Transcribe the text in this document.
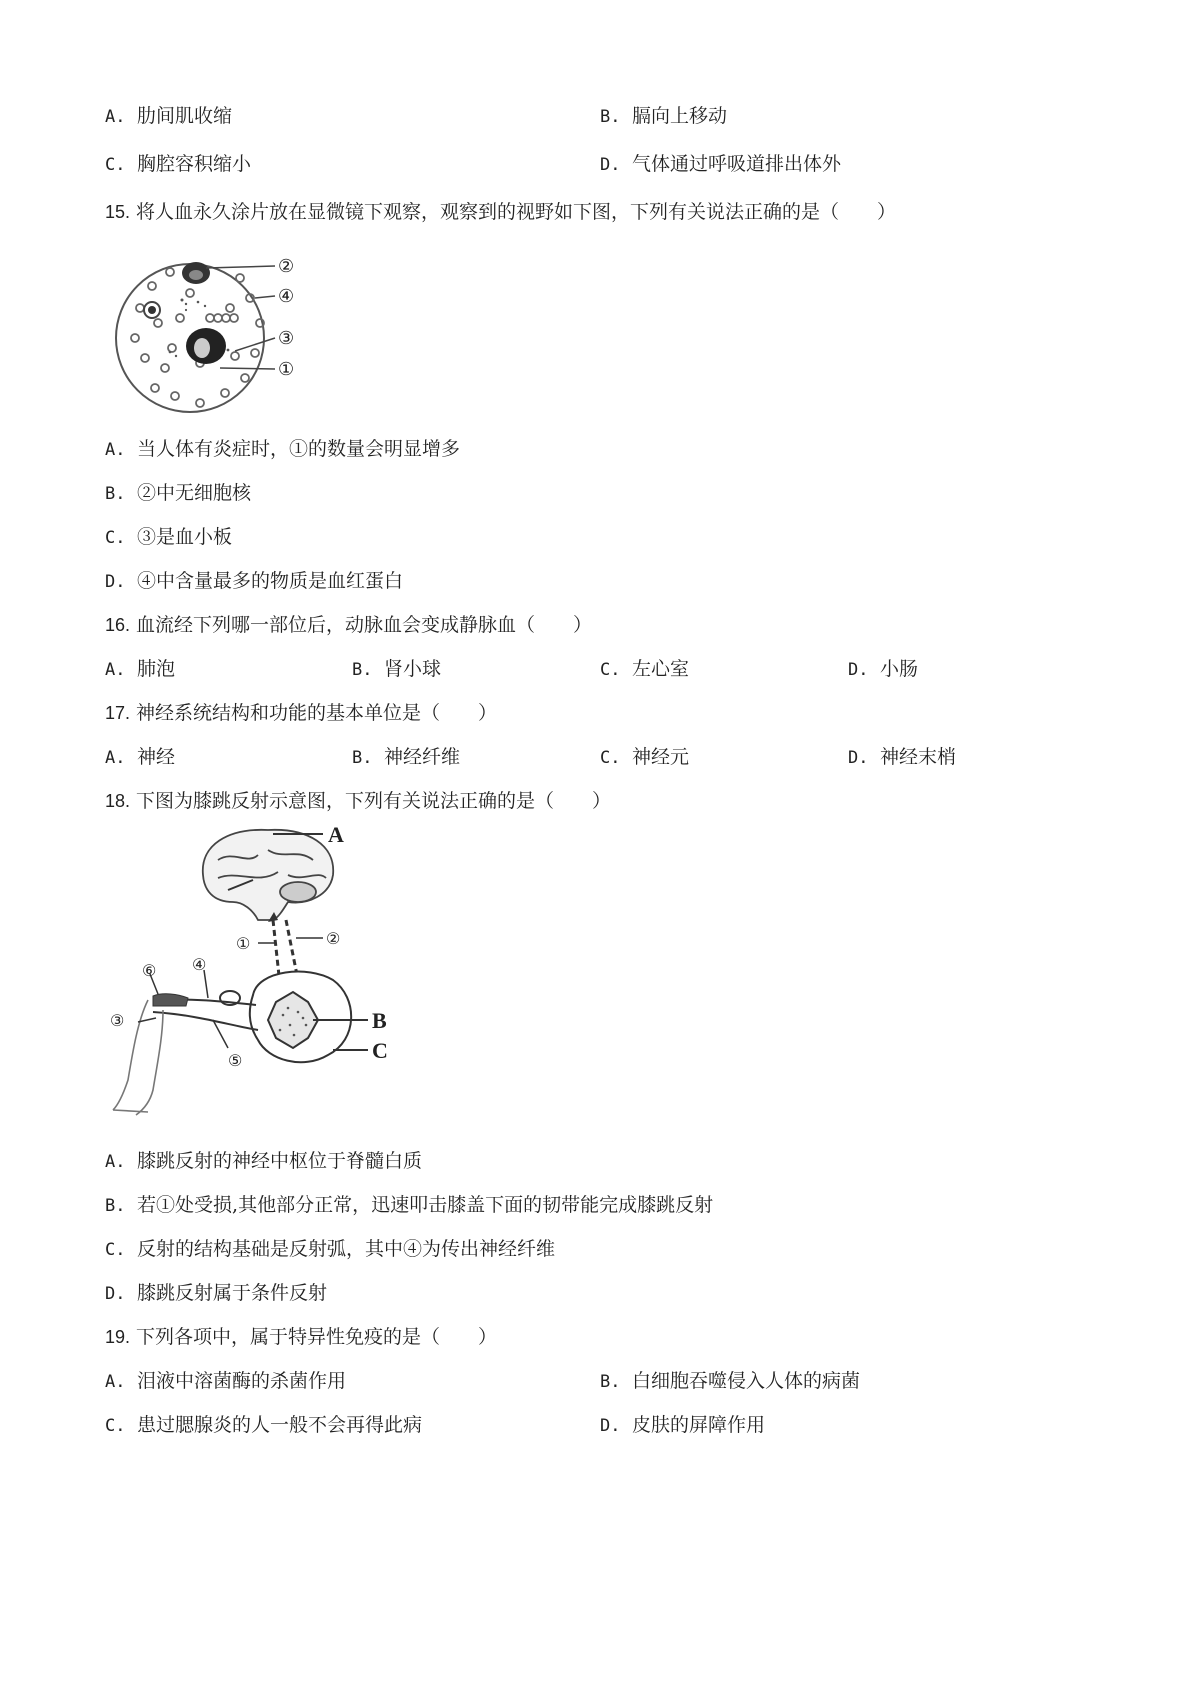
A. 肋间肌收缩	B. 膈向上移动
C. 胸腔容积缩小	D. 气体通过呼吸道排出体外
15. 将人血永久涂片放在显微镜下观察，观察到的视野如下图，下列有关说法正确的是（　　）
②
④
③
①
A. 当人体有炎症时，①的数量会明显增多
B. ②中无细胞核
C. ③是血小板
D. ④中含量最多的物质是血红蛋白
16. 血流经下列哪一部位后，动脉血会变成静脉血（　　）
A. 肺泡	B. 肾小球	C. 左心室	D. 小肠
17. 神经系统结构和功能的基本单位是（　　）
A. 神经	B. 神经纤维	C. 神经元	D. 神经末梢
18. 下图为膝跳反射示意图，下列有关说法正确的是（　　）
A
①	②
B
C
⑥ ④
③
⑤
A. 膝跳反射的神经中枢位于脊髓白质
B. 若①处受损,其他部分正常，迅速叩击膝盖下面的韧带能完成膝跳反射
C. 反射的结构基础是反射弧，其中④为传出神经纤维
D. 膝跳反射属于条件反射
19. 下列各项中，属于特异性免疫的是（　　）
A. 泪液中溶菌酶的杀菌作用	B. 白细胞吞噬侵入人体的病菌
C. 患过腮腺炎的人一般不会再得此病	D. 皮肤的屏障作用
